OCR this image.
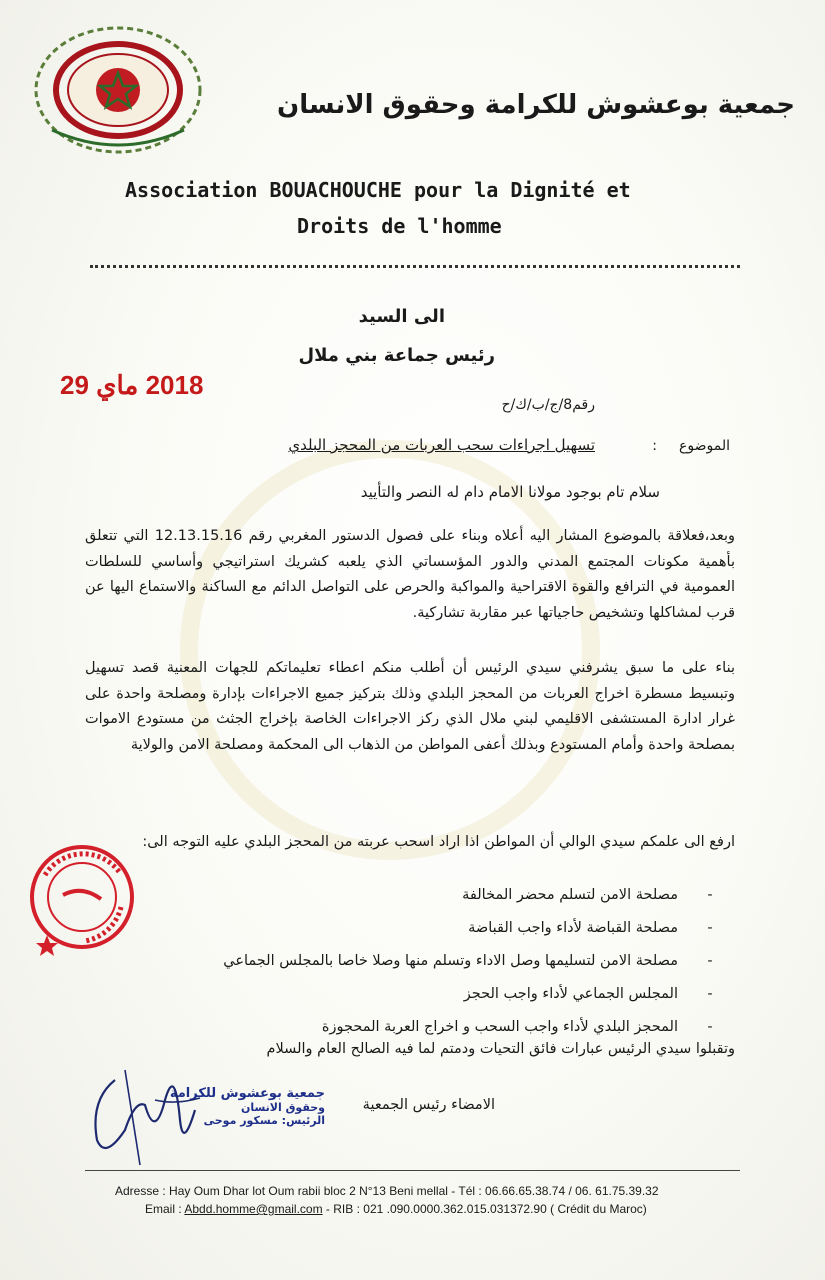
جمعية بوعشوش للكرامة وحقوق الانسان
Association BOUACHOUCHE pour la Dignité et
Droits de l'homme
الى السيد
رئيس جماعة بني ملال
2018 ماي 29
رقم8/ج/ب/ك/ح
الموضوع
:
تسهيل اجراءات سحب العربات من المحجز البلدي
سلام تام بوجود مولانا الامام دام له النصر والتأييد
وبعد،فعلاقة بالموضوع المشار اليه أعلاه وبناء على فصول الدستور المغربي رقم 12.13.15.16 التي تتعلق بأهمية مكونات المجتمع المدني والدور المؤسساتي الذي يلعبه كشريك استراتيجي وأساسي للسلطات العمومية في الترافع والقوة الاقتراحية والمواكبة والحرص على التواصل الدائم مع الساكنة والاستماع اليها عن قرب لمشاكلها وتشخيص حاجياتها عبر مقاربة تشاركية.
بناء على ما سبق يشرفني سيدي الرئيس أن أطلب منكم اعطاء تعليماتكم للجهات المعنية قصد تسهيل وتبسيط مسطرة اخراج العربات من المحجز البلدي وذلك بتركيز جميع الاجراءات بإدارة ومصلحة واحدة على غرار ادارة المستشفى الاقليمي لبني ملال الذي ركز الاجراءات الخاصة بإخراج الجثث من مستودع الاموات بمصلحة واحدة وأمام المستودع وبذلك أعفى المواطن من الذهاب الى المحكمة ومصلحة الامن والولاية
ارفع الى علمكم سيدي الوالي أن المواطن اذا اراد اسحب عربته من المحجز البلدي عليه التوجه الى:
-
مصلحة الامن لتسلم محضر المخالفة
-
مصلحة القباضة لأداء واجب القباضة
-
مصلحة الامن لتسليمها وصل الاداء وتسلم منها وصلا خاصا بالمجلس الجماعي
-
المجلس الجماعي لأداء واجب الحجز
-
المحجز البلدي لأداء واجب السحب و اخراج العربة المحجوزة
وتقبلوا سيدي الرئيس عبارات فائق التحيات ودمتم لما فيه الصالح العام والسلام
الامضاء رئيس الجمعية
جمعية بوعشوش للكرامة
وحقوق الانسان
الرئيس: مسكور موحى
Adresse : Hay Oum Dhar lot Oum rabii bloc 2 N°13 Beni mellal - Tél : 06.66.65.38.74 / 06. 61.75.39.32
Email : Abdd.homme@gmail.com - RIB : 021 .090.0000.362.015.031372.90 ( Crédit du Maroc)
